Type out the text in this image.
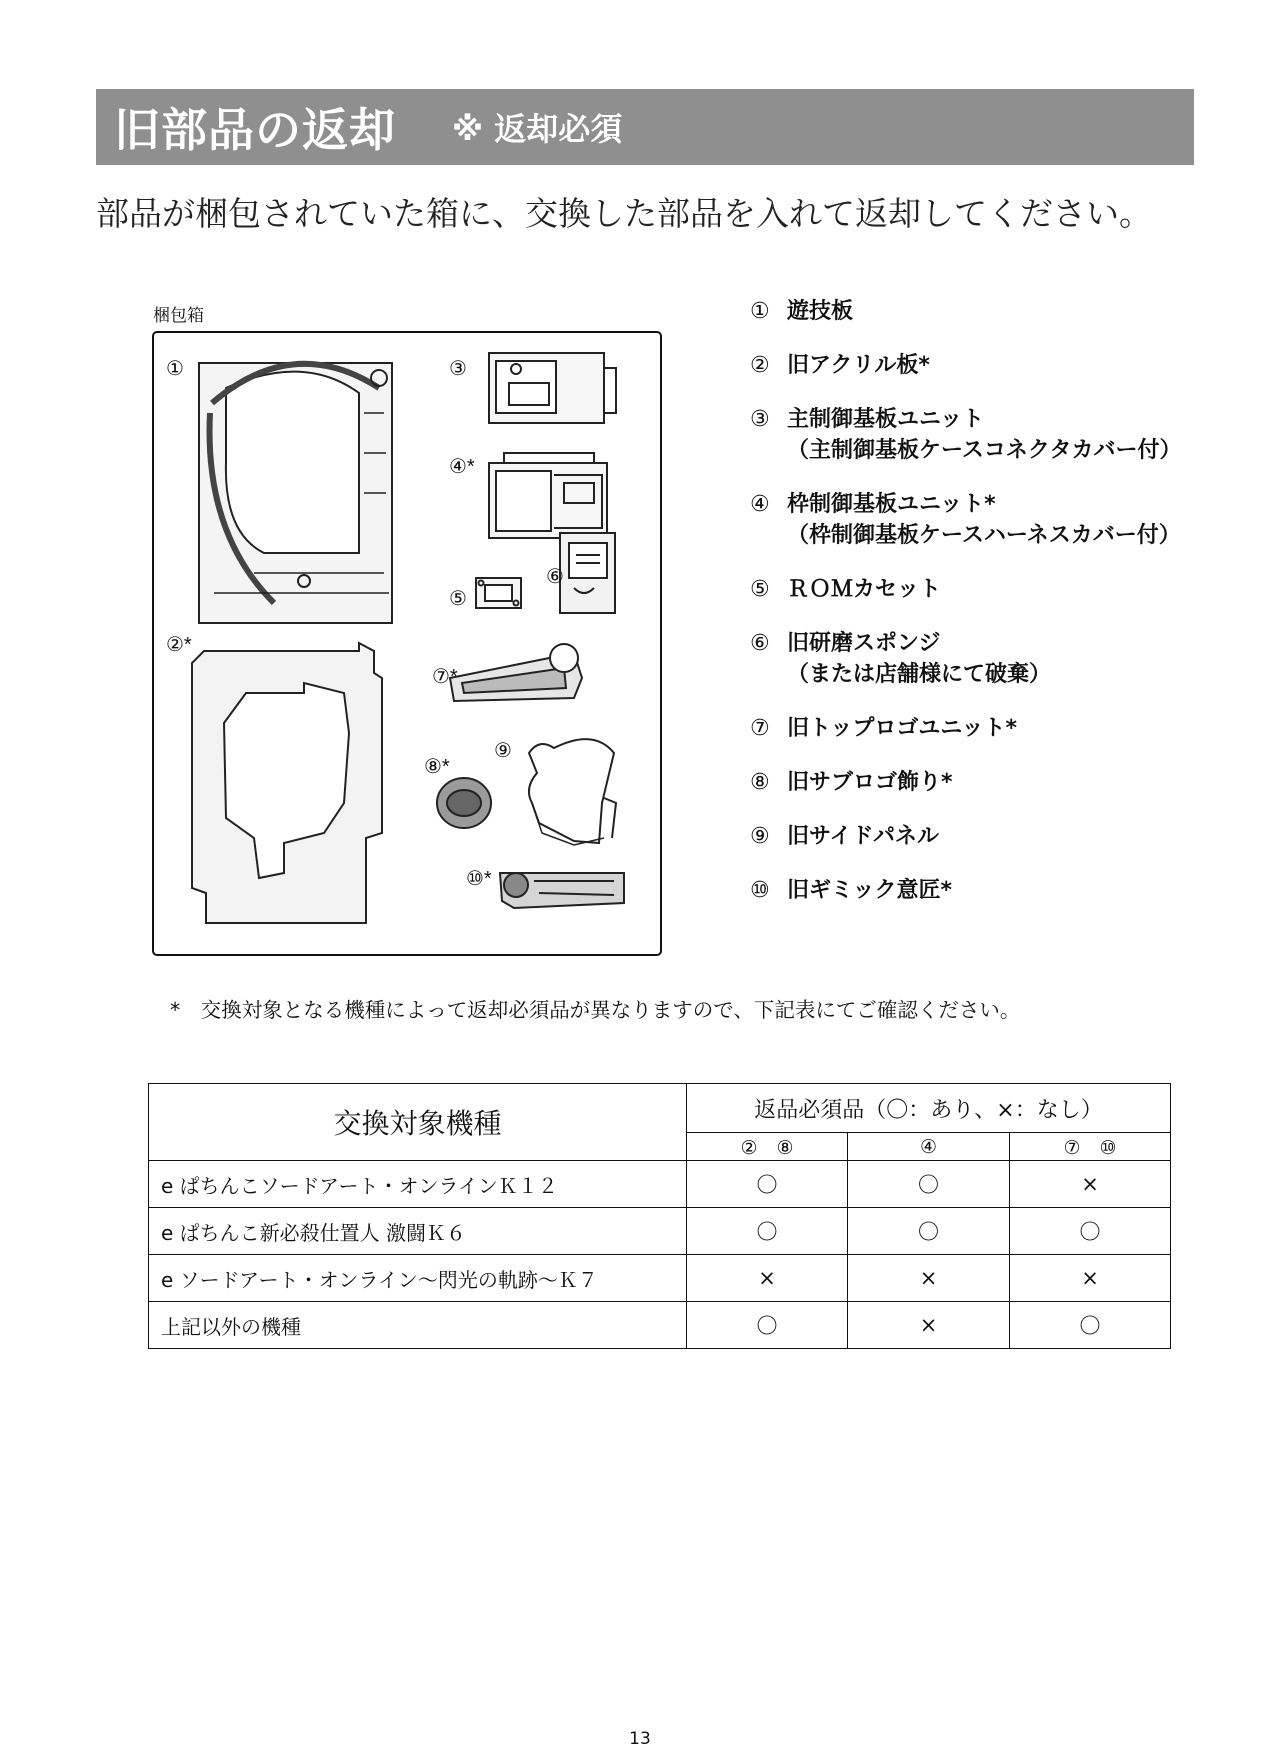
旧部品の返却 ※ 返却必須
部品が梱包されていた箱に、交換した部品を入れて返却してください。
梱包箱
①
②*
③
④*
⑤
⑥
⑦*
⑧*
⑨
⑩*
① 遊技板
② 旧アクリル板*
③ 主制御基板ユニット
（主制御基板ケースコネクタカバー付）
④ 枠制御基板ユニット*
（枠制御基板ケースハーネスカバー付）
⑤ ＲＯＭカセット
⑥ 旧研磨スポンジ
（または店舗様にて破棄）
⑦ 旧トップロゴユニット*
⑧ 旧サブロゴ飾り*
⑨ 旧サイドパネル
⑩ 旧ギミック意匠*
*　交換対象となる機種によって返却必須品が異なりますので、下記表にてご確認ください。
交換対象機種	返品必須品（〇：あり、×：なし）		
	②　⑧	④	⑦　⑩
e ぱちんこソードアート・オンラインＫ１２	〇	〇	×
e ぱちんこ新必殺仕置人 激闘Ｋ６	〇	〇	〇
e ソードアート・オンライン～閃光の軌跡～Ｋ７	×	×	×
上記以外の機種	〇	×	〇
13
